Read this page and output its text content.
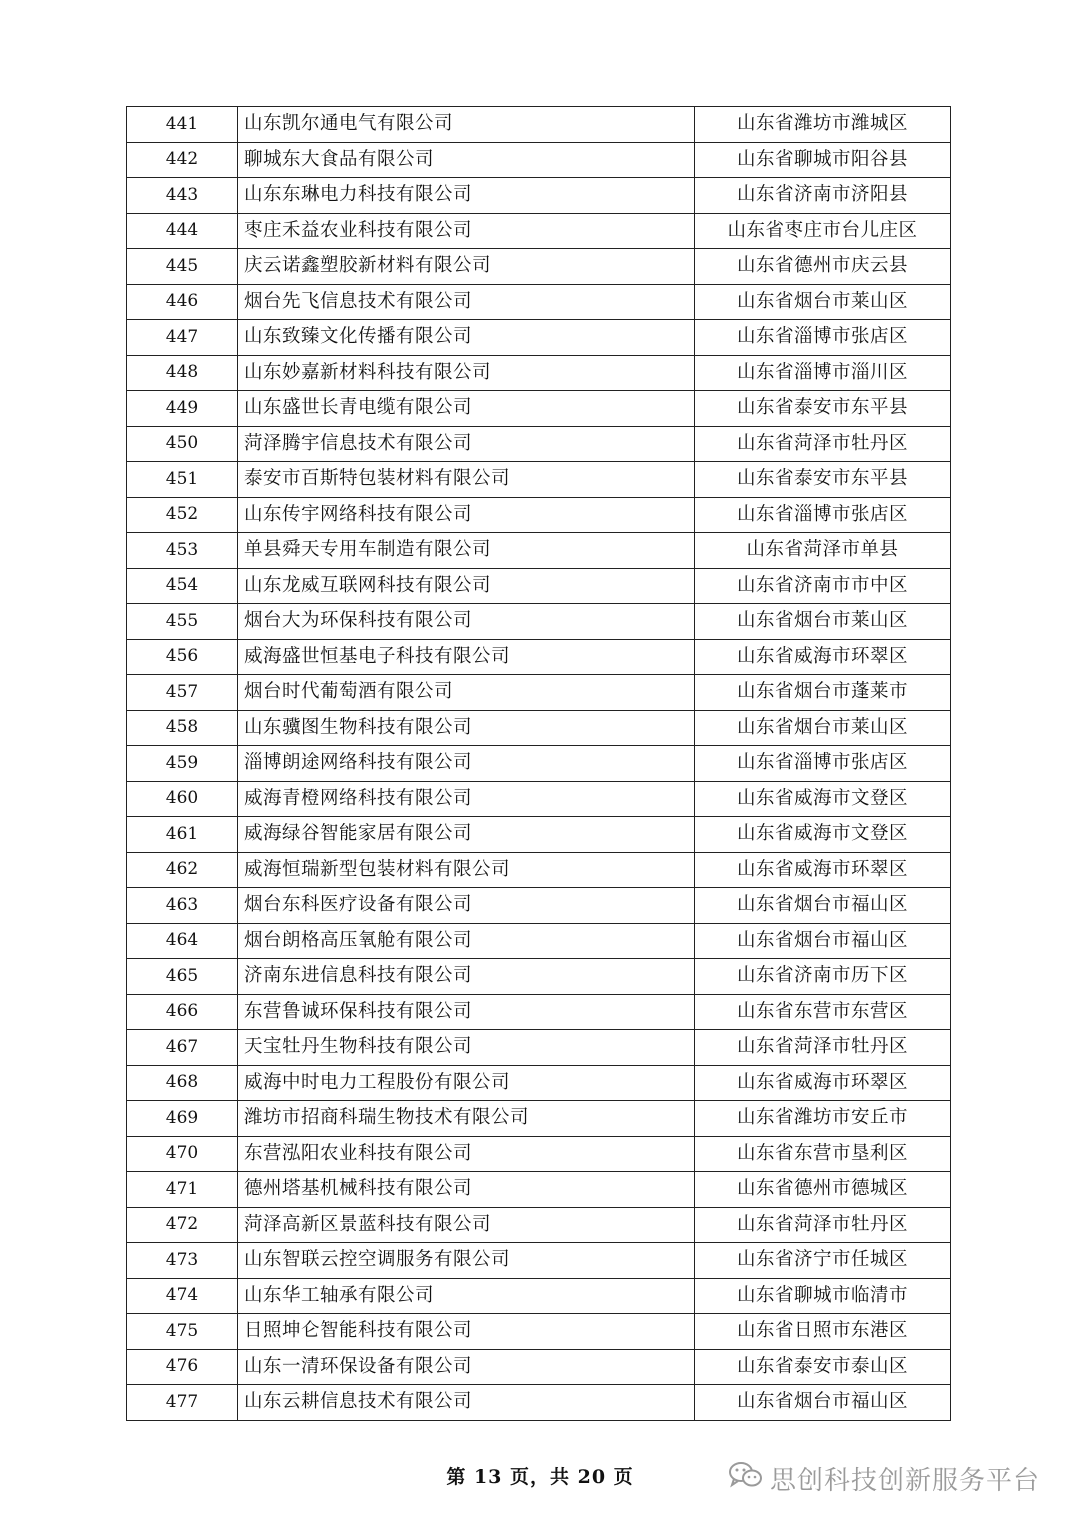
441	山东凯尔通电气有限公司	山东省潍坊市潍城区
442	聊城东大食品有限公司	山东省聊城市阳谷县
443	山东东琳电力科技有限公司	山东省济南市济阳县
444	枣庄禾益农业科技有限公司	山东省枣庄市台儿庄区
445	庆云诺鑫塑胶新材料有限公司	山东省德州市庆云县
446	烟台先飞信息技术有限公司	山东省烟台市莱山区
447	山东致臻文化传播有限公司	山东省淄博市张店区
448	山东妙嘉新材料科技有限公司	山东省淄博市淄川区
449	山东盛世长青电缆有限公司	山东省泰安市东平县
450	菏泽腾宇信息技术有限公司	山东省菏泽市牡丹区
451	泰安市百斯特包装材料有限公司	山东省泰安市东平县
452	山东传宇网络科技有限公司	山东省淄博市张店区
453	单县舜天专用车制造有限公司	山东省菏泽市单县
454	山东龙威互联网科技有限公司	山东省济南市市中区
455	烟台大为环保科技有限公司	山东省烟台市莱山区
456	威海盛世恒基电子科技有限公司	山东省威海市环翠区
457	烟台时代葡萄酒有限公司	山东省烟台市蓬莱市
458	山东骥图生物科技有限公司	山东省烟台市莱山区
459	淄博朗途网络科技有限公司	山东省淄博市张店区
460	威海青橙网络科技有限公司	山东省威海市文登区
461	威海绿谷智能家居有限公司	山东省威海市文登区
462	威海恒瑞新型包装材料有限公司	山东省威海市环翠区
463	烟台东科医疗设备有限公司	山东省烟台市福山区
464	烟台朗格高压氧舱有限公司	山东省烟台市福山区
465	济南东进信息科技有限公司	山东省济南市历下区
466	东营鲁诚环保科技有限公司	山东省东营市东营区
467	天宝牡丹生物科技有限公司	山东省菏泽市牡丹区
468	威海中时电力工程股份有限公司	山东省威海市环翠区
469	潍坊市招商科瑞生物技术有限公司	山东省潍坊市安丘市
470	东营泓阳农业科技有限公司	山东省东营市垦利区
471	德州塔基机械科技有限公司	山东省德州市德城区
472	菏泽高新区景蓝科技有限公司	山东省菏泽市牡丹区
473	山东智联云控空调服务有限公司	山东省济宁市任城区
474	山东华工轴承有限公司	山东省聊城市临清市
475	日照坤仑智能科技有限公司	山东省日照市东港区
476	山东一清环保设备有限公司	山东省泰安市泰山区
477	山东云耕信息技术有限公司	山东省烟台市福山区
第 13 页，共 20 页	思创科技创新服务平台
